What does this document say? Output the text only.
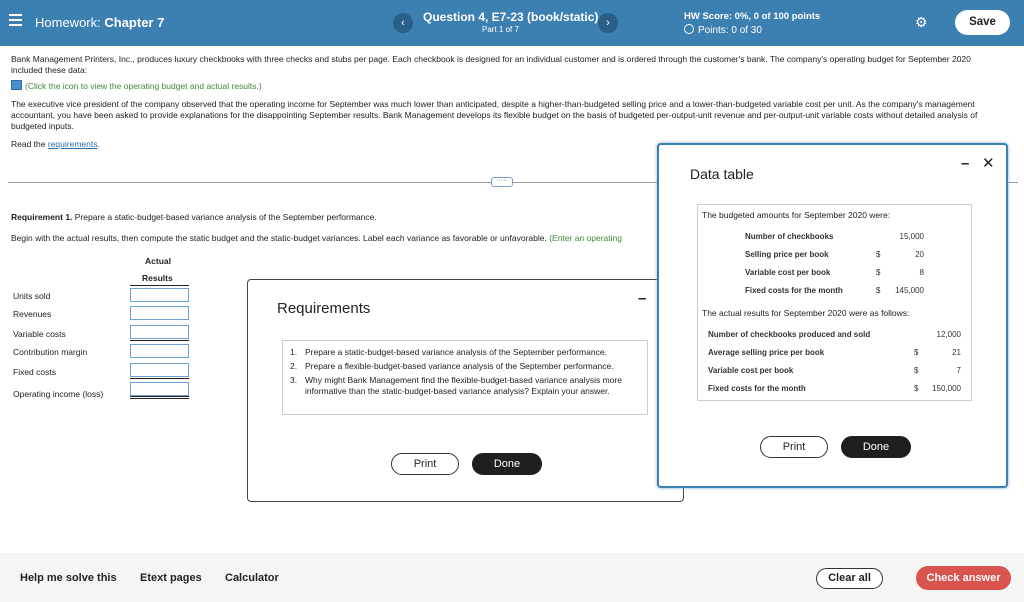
Homework: Chapter 7	‹	Question 4, E7-23 (book/static)
Part 1 of 7
›
HW Score: 0%, 0 of 100 points
Points: 0 of 30
⚙	Save
Bank Management Printers, Inc., produces luxury checkbooks with three checks and stubs per page. Each checkbook is designed for an individual customer and is ordered through the customer's bank. The company's operating budget for September 2020 included these data:
(Click the icon to view the operating budget and actual results.)
The executive vice president of the company observed that the operating income for September was much lower than anticipated, despite a higher-than-budgeted selling price and a lower-than-budgeted variable cost per unit. As the company's management accountant, you have been asked to provide explanations for the disappointing September results. Bank Management develops its flexible budget on the basis of budgeted per-output-unit revenue and per-output-unit variable costs without detailed analysis of budgeted inputs.
Read the requirements.
·····
Requirement 1. Prepare a static-budget-based variance analysis of the September performance.
Begin with the actual results, then compute the static budget and the static-budget variances. Label each variance as favorable or unfavorable. (Enter an operating
Actual
Results
Units sold
Revenues
Variable costs
Contribution margin
Fixed costs
Operating income (loss)
Requirements
–
1. Prepare a static-budget-based variance analysis of the September performance.
2. Prepare a flexible-budget-based variance analysis of the September performance.
3. Why might Bank Management find the flexible-budget-based variance analysis more informative than the static-budget-based variance analysis? Explain your answer.
Print	Done
Data table
– ✕
The budgeted amounts for September 2020 were:
Number of checkbooks	15,000
Selling price per book	$	20
Variable cost per book	$	8
Fixed costs for the month	$	145,000
The actual results for September 2020 were as follows:
Number of checkbooks produced and sold	12,000
Average selling price per book	$	21
Variable cost per book	$	7
Fixed costs for the month	$	150,000
Print	Done
Help me solve this Etext pages Calculator	Clear all	Check answer
